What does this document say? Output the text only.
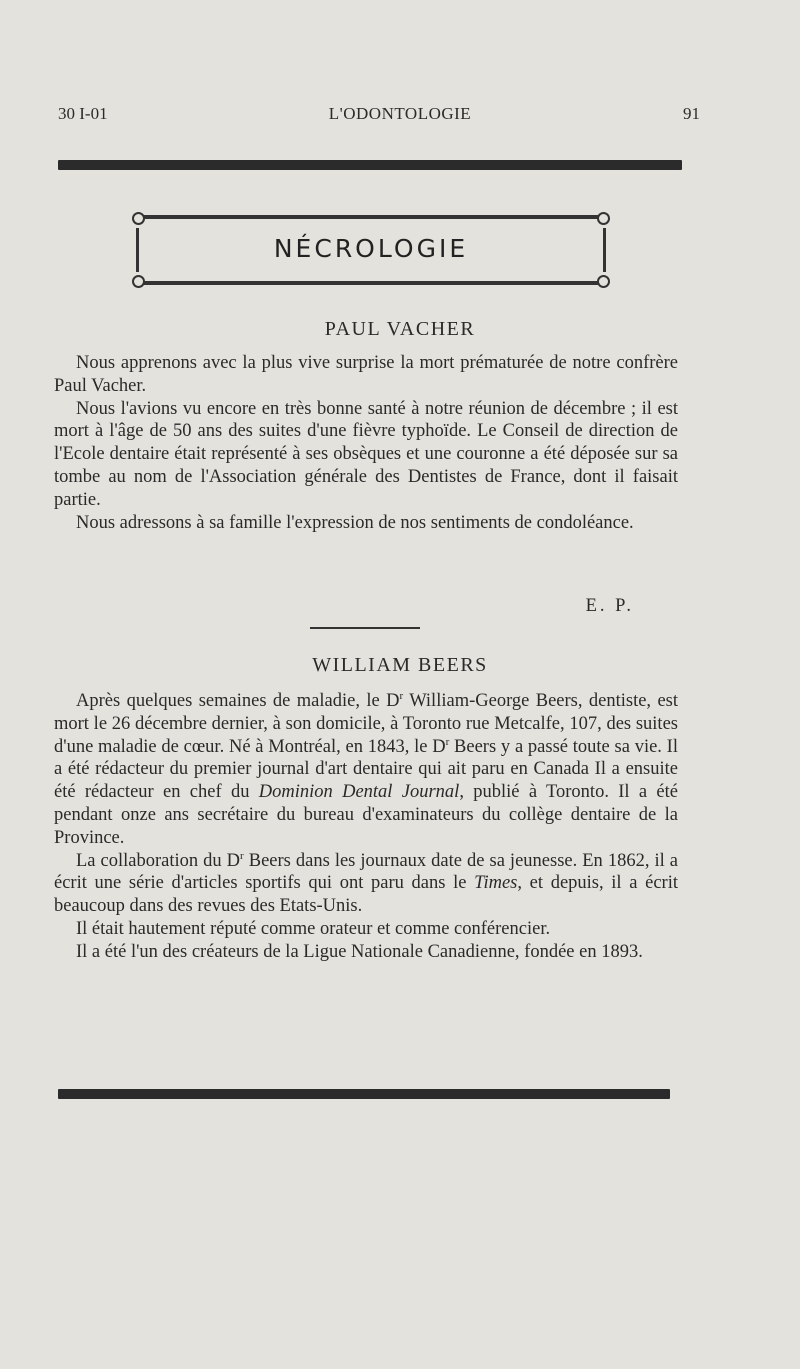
30 I-01	L'ODONTOLOGIE	91
NÉCROLOGIE
PAUL VACHER

Nous apprenons avec la plus vive surprise la mort prématurée de notre confrère Paul Vacher.

Nous l'avions vu encore en très bonne santé à notre réunion de décembre ; il est mort à l'âge de 50 ans des suites d'une fièvre typhoïde. Le Conseil de direction de l'Ecole dentaire était représenté à ses obsèques et une couronne a été déposée sur sa tombe au nom de l'Association générale des Dentistes de France, dont il faisait partie.

Nous adressons à sa famille l'expression de nos sentiments de condoléance.

E. P.
WILLIAM BEERS

Après quelques semaines de maladie, le $D^r$ William-George Beers, dentiste, est mort le 26 décembre dernier, à son domicile, à Toronto rue Metcalfe, 107, des suites d'une maladie de cœur. Né à Montréal, en 1843, le $D^r$ Beers y a passé toute sa vie. Il a été rédacteur du premier journal d'art dentaire qui ait paru en Canada Il a ensuite été rédacteur en chef du Dominion Dental Journal, publié à Toronto. Il a été pendant onze ans secrétaire du bureau d'examinateurs du collège dentaire de la Province.

La collaboration du $D^r$ Beers dans les journaux date de sa jeunesse. En 1862, il a écrit une série d'articles sportifs qui ont paru dans le Times, et depuis, il a écrit beaucoup dans des revues des Etats-Unis.

Il était hautement réputé comme orateur et comme conférencier.

Il a été l'un des créateurs de la Ligue Nationale Canadienne, fondée en 1893.
